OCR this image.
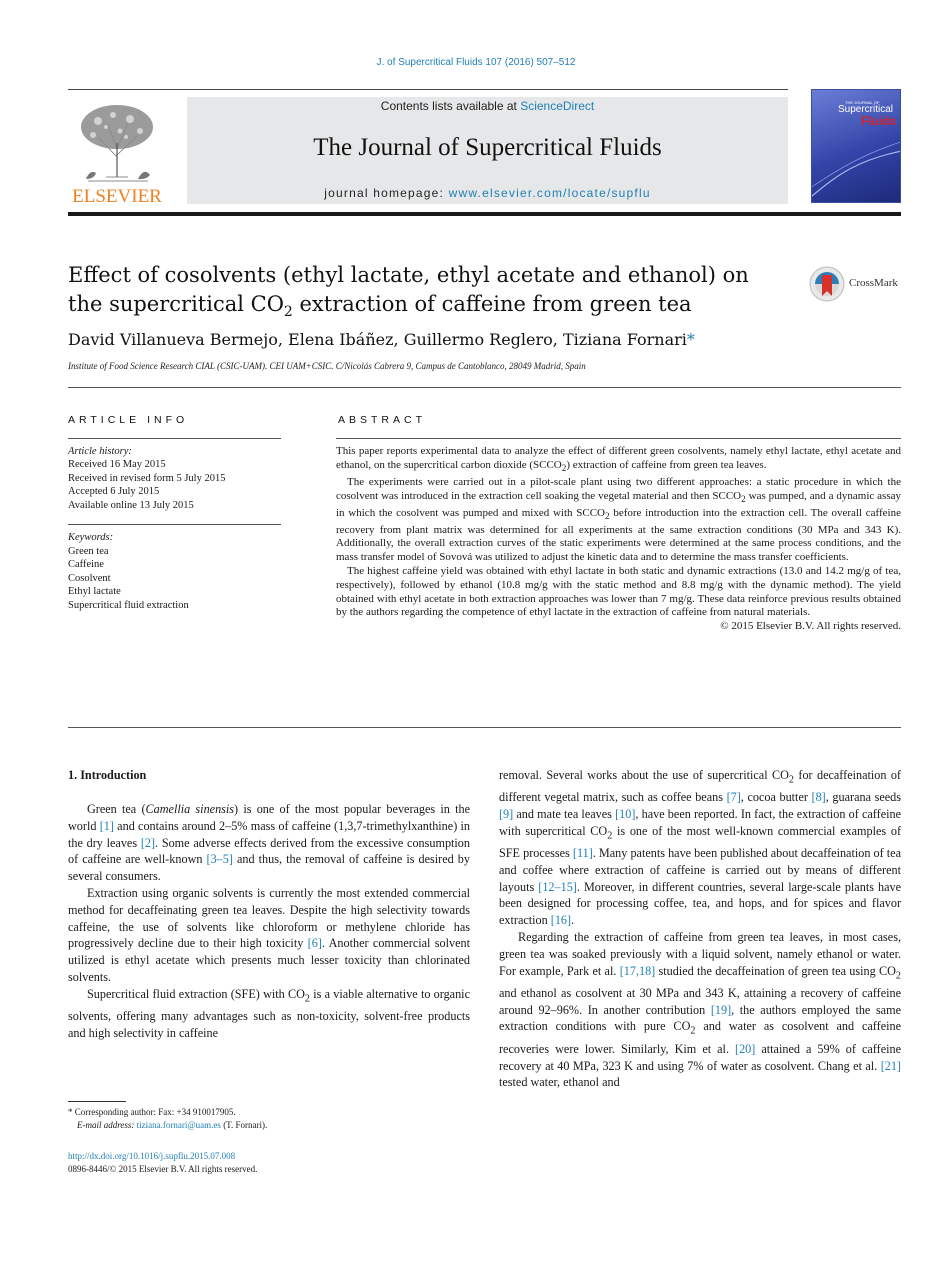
J. of Supercritical Fluids 107 (2016) 507–512
ELSEVIER
Contents lists available at ScienceDirect
The Journal of Supercritical Fluids
journal homepage: www.elsevier.com/locate/supflu
THE JOURNAL OF
Supercritical
Fluids
Effect of cosolvents (ethyl lactate, ethyl acetate and ethanol) on the supercritical $CO_2$ extraction of caffeine from green tea
CrossMark
David Villanueva Bermejo, Elena Ibáñez, Guillermo Reglero, Tiziana Fornari*
Institute of Food Science Research CIAL (CSIC-UAM). CEI UAM+CSIC. C/Nicolás Cabrera 9, Campus de Cantoblanco, 28049 Madrid, Spain
ARTICLE INFO
Article history:
Received 16 May 2015
Received in revised form 5 July 2015
Accepted 6 July 2015
Available online 13 July 2015
Keywords:
Green tea
Caffeine
Cosolvent
Ethyl lactate
Supercritical fluid extraction
ABSTRACT

This paper reports experimental data to analyze the effect of different green cosolvents, namely ethyl lactate, ethyl acetate and ethanol, on the supercritical carbon dioxide $(SCCO_2)$ extraction of caffeine from green tea leaves.

The experiments were carried out in a pilot-scale plant using two different approaches: a static procedure in which the cosolvent was introduced in the extraction cell soaking the vegetal material and then $SCCO_2$ was pumped, and a dynamic assay in which the cosolvent was pumped and mixed with $SCCO_2$ before introduction into the extraction cell. The overall caffeine recovery from plant matrix was determined for all experiments at the same extraction conditions (30 MPa and 343 K). Additionally, the overall extraction curves of the static experiments were determined at the same process conditions, and the mass transfer model of Sovová was utilized to adjust the kinetic data and to determine the mass transfer coefficients.

The highest caffeine yield was obtained with ethyl lactate in both static and dynamic extractions (13.0 and 14.2 mg/g of tea, respectively), followed by ethanol (10.8 mg/g with the static method and 8.8 mg/g with the dynamic method). The yield obtained with ethyl acetate in both extraction approaches was lower than 7 mg/g. These data reinforce previous results obtained by the authors regarding the competence of ethyl lactate in the extraction of caffeine from natural materials.

© 2015 Elsevier B.V. All rights reserved.

1. Introduction

Green tea (Camellia sinensis) is one of the most popular beverages in the world [1] and contains around 2–5% mass of caffeine (1,3,7-trimethylxanthine) in the dry leaves [2]. Some adverse effects derived from the excessive consumption of caffeine are well-known [3–5] and thus, the removal of caffeine is desired by several consumers.

Extraction using organic solvents is currently the most extended commercial method for decaffeinating green tea leaves. Despite the high selectivity towards caffeine, the use of solvents like chloroform or methylene chloride has progressively decline due to their high toxicity [6]. Another commercial solvent utilized is ethyl acetate which presents much lesser toxicity than chlorinated solvents.

Supercritical fluid extraction (SFE) with $CO_2$ is a viable alternative to organic solvents, offering many advantages such as non-toxicity, solvent-free products and high selectivity in caffeine

removal. Several works about the use of supercritical $CO_2$ for decaffeination of different vegetal matrix, such as coffee beans [7], cocoa butter [8], guarana seeds [9] and mate tea leaves [10], have been reported. In fact, the extraction of caffeine with supercritical $CO_2$ is one of the most well-known commercial examples of SFE processes [11]. Many patents have been published about decaffeination of tea and coffee where extraction of caffeine is carried out by means of different layouts [12–15]. Moreover, in different countries, several large-scale plants have been designed for processing coffee, tea, and hops, and for spices and flavor extraction [16].

Regarding the extraction of caffeine from green tea leaves, in most cases, green tea was soaked previously with a liquid solvent, namely ethanol or water. For example, Park et al. [17,18] studied the decaffeination of green tea using $CO_2$ and ethanol as cosolvent at 30 MPa and 343 K, attaining a recovery of caffeine around 92–96%. In another contribution [19], the authors employed the same extraction conditions with pure $CO_2$ and water as cosolvent and caffeine recoveries were lower. Similarly, Kim et al. [20] attained a 59% of caffeine recovery at 40 MPa, 323 K and using 7% of water as cosolvent. Chang et al. [21] tested water, ethanol and

* Corresponding author: Fax: +34 910017905.
E-mail address: tiziana.fornari@uam.es (T. Fornari).
http://dx.doi.org/10.1016/j.supflu.2015.07.008
0896-8446/© 2015 Elsevier B.V. All rights reserved.
